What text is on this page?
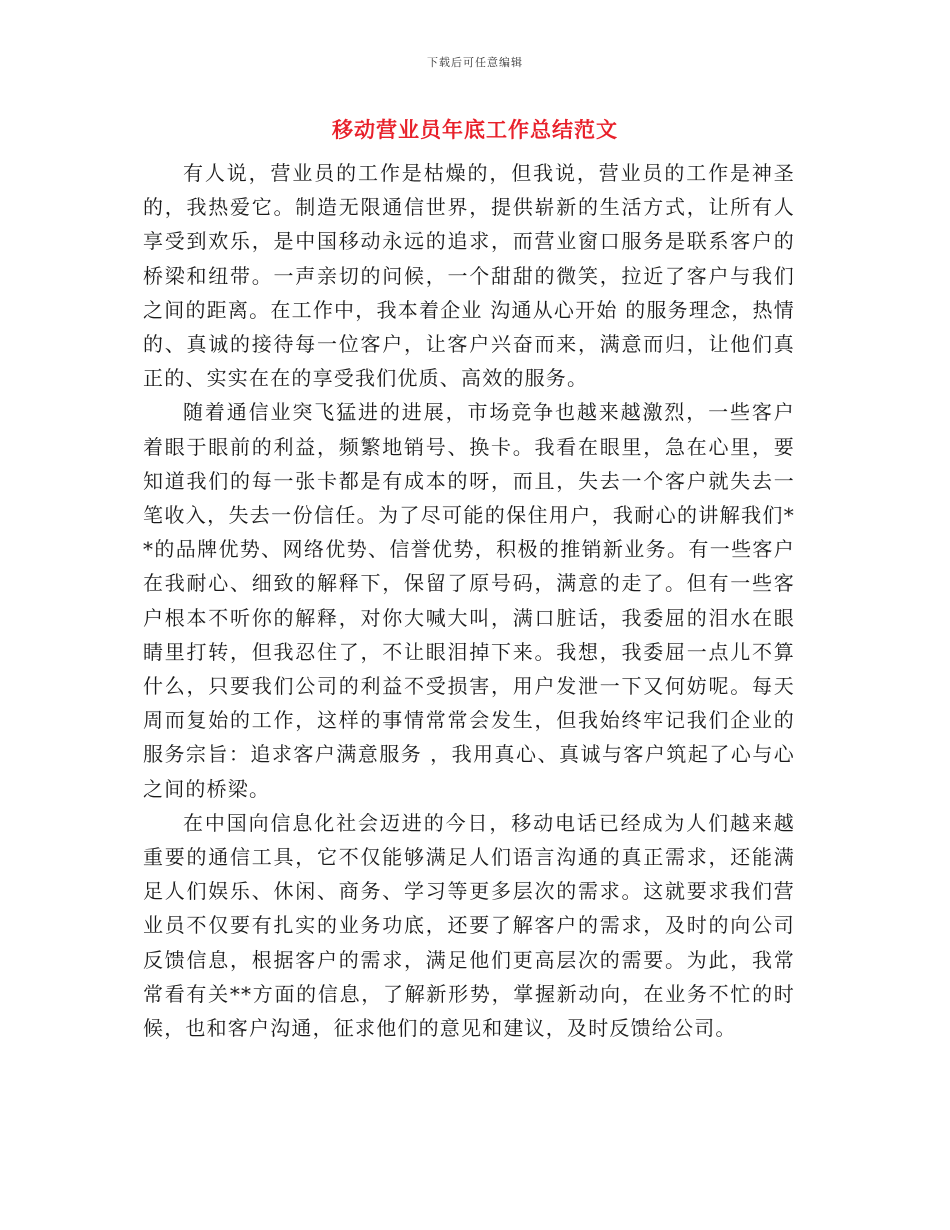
下载后可任意编辑
移动营业员年底工作总结范文

有人说，营业员的工作是枯燥的，但我说，营业员的工作是神圣的，我热爱它。制造无限通信世界，提供崭新的生活方式，让所有人享受到欢乐，是中国移动永远的追求，而营业窗口服务是联系客户的桥梁和纽带。一声亲切的问候，一个甜甜的微笑，拉近了客户与我们之间的距离。在工作中，我本着企业 沟通从心开始 的服务理念，热情的、真诚的接待每一位客户，让客户兴奋而来，满意而归，让他们真正的、实实在在的享受我们优质、高效的服务。

随着通信业突飞猛进的进展，市场竞争也越来越激烈，一些客户着眼于眼前的利益，频繁地销号、换卡。我看在眼里，急在心里，要知道我们的每一张卡都是有成本的呀，而且，失去一个客户就失去一笔收入，失去一份信任。为了尽可能的保住用户，我耐心的讲解我们**的品牌优势、网络优势、信誉优势，积极的推销新业务。有一些客户在我耐心、细致的解释下，保留了原号码，满意的走了。但有一些客户根本不听你的解释，对你大喊大叫，满口脏话，我委屈的泪水在眼睛里打转，但我忍住了，不让眼泪掉下来。我想，我委屈一点儿不算什么，只要我们公司的利益不受损害，用户发泄一下又何妨呢。每天周而复始的工作，这样的事情常常会发生，但我始终牢记我们企业的服务宗旨：追求客户满意服务 ，我用真心、真诚与客户筑起了心与心之间的桥梁。

在中国向信息化社会迈进的今日，移动电话已经成为人们越来越重要的通信工具，它不仅能够满足人们语言沟通的真正需求，还能满足人们娱乐、休闲、商务、学习等更多层次的需求。这就要求我们营业员不仅要有扎实的业务功底，还要了解客户的需求，及时的向公司反馈信息，根据客户的需求，满足他们更高层次的需要。为此，我常常看有关**方面的信息，了解新形势，掌握新动向，在业务不忙的时候，也和客户沟通，征求他们的意见和建议，及时反馈给公司。
